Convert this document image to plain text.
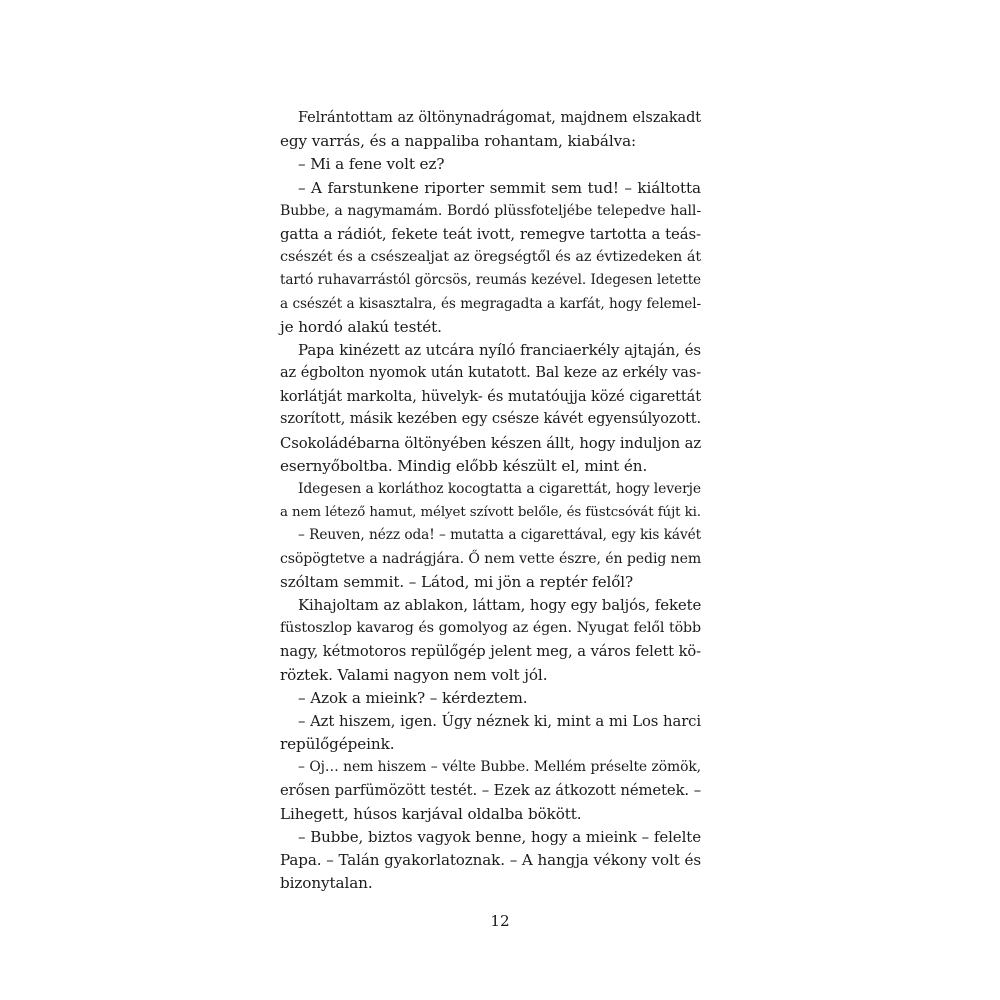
Felrántottam az öltönynadrágomat, majdnem elszakadt
egy varrás, és a nappaliba rohantam, kiabálva:
– Mi a fene volt ez?
– A farstunkene riporter semmit sem tud! – kiáltotta
Bubbe, a nagymamám. Bordó plüssfoteljébe telepedve hall-
gatta a rádiót, fekete teát ivott, remegve tartotta a teás-
csészét és a csészealjat az öregségtől és az évtizedeken át
tartó ruhavarrástól görcsös, reumás kezével. Idegesen letette
a csészét a kisasztalra, és megragadta a karfát, hogy felemel-
je hordó alakú testét.
Papa kinézett az utcára nyíló franciaerkély ajtaján, és
az égbolton nyomok után kutatott. Bal keze az erkély vas-
korlátját markolta, hüvelyk- és mutatóujja közé cigarettát
szorított, másik kezében egy csésze kávét egyensúlyozott.
Csokoládébarna öltönyében készen állt, hogy induljon az
esernyőboltba. Mindig előbb készült el, mint én.
Idegesen a korláthoz kocogtatta a cigarettát, hogy leverje
a nem létező hamut, mélyet szívott belőle, és füstcsóvát fújt ki.
– Reuven, nézz oda! – mutatta a cigarettával, egy kis kávét
csöpögtetve a nadrágjára. Ő nem vette észre, én pedig nem
szóltam semmit. – Látod, mi jön a reptér felől?
Kihajoltam az ablakon, láttam, hogy egy baljós, fekete
füstoszlop kavarog és gomolyog az égen. Nyugat felől több
nagy, kétmotoros repülőgép jelent meg, a város felett kö-
röztek. Valami nagyon nem volt jól.
– Azok a mieink? – kérdeztem.
– Azt hiszem, igen. Úgy néznek ki, mint a mi Los harci
repülőgépeink.
– Oj… nem hiszem – vélte Bubbe. Mellém préselte zömök,
erősen parfümözött testét. – Ezek az átkozott németek. –
Lihegett, húsos karjával oldalba bökött.
– Bubbe, biztos vagyok benne, hogy a mieink – felelte
Papa. – Talán gyakorlatoznak. – A hangja vékony volt és
bizonytalan.
12
